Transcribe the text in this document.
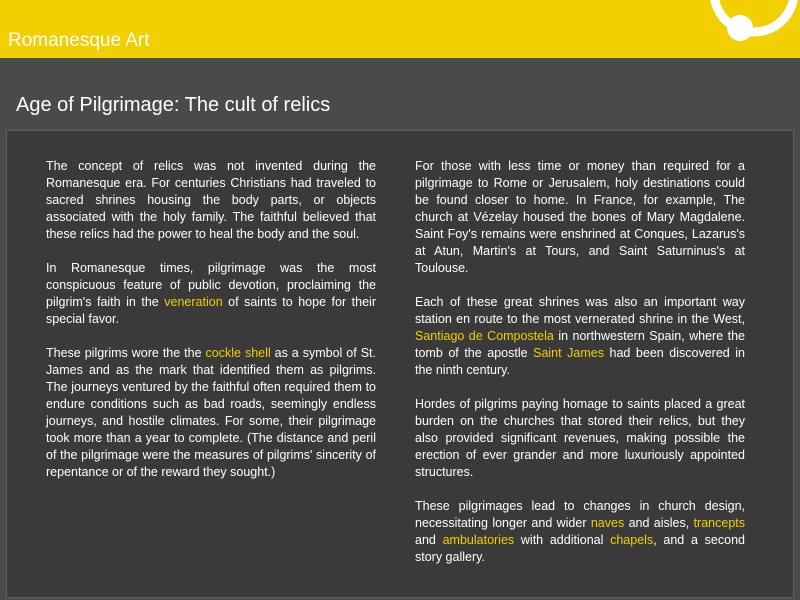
Romanesque Art
Age of Pilgrimage: The cult of relics

The concept of relics was not invented during the Romanesque era. For centuries Christians had traveled to sacred shrines housing the body parts, or objects associated with the holy family. The faithful believed that these relics had the power to heal the body and the soul.

In Romanesque times, pilgrimage was the most conspicuous feature of public devotion, proclaiming the pilgrim's faith in the veneration of saints to hope for their special favor.

These pilgrims wore the the cockle shell as a symbol of St. James and as the mark that identified them as pilgrims. The journeys ventured by the faithful often required them to endure conditions such as bad roads, seemingly endless journeys, and hostile climates. For some, their pilgrimage took more than a year to complete. (The distance and peril of the pilgrimage were the measures of pilgrims' sincerity of repentance or of the reward they sought.)

For those with less time or money than required for a pilgrimage to Rome or Jerusalem, holy destinations could be found closer to home. In France, for example, The church at Vézelay housed the bones of Mary Magdalene. Saint Foy's remains were enshrined at Conques, Lazarus's at Atun, Martin's at Tours, and Saint Saturninus's at Toulouse.

Each of these great shrines was also an important way station en route to the most vernerated shrine in the West, Santiago de Compostela in northwestern Spain, where the tomb of the apostle Saint James had been discovered in the ninth century.

Hordes of pilgrims paying homage to saints placed a great burden on the churches that stored their relics, but they also provided significant revenues, making possible the erection of ever grander and more luxuriously appointed structures.

These pilgrimages lead to changes in church design, necessitating longer and wider naves and aisles, trancepts and ambulatories with additional chapels, and a second story gallery.
